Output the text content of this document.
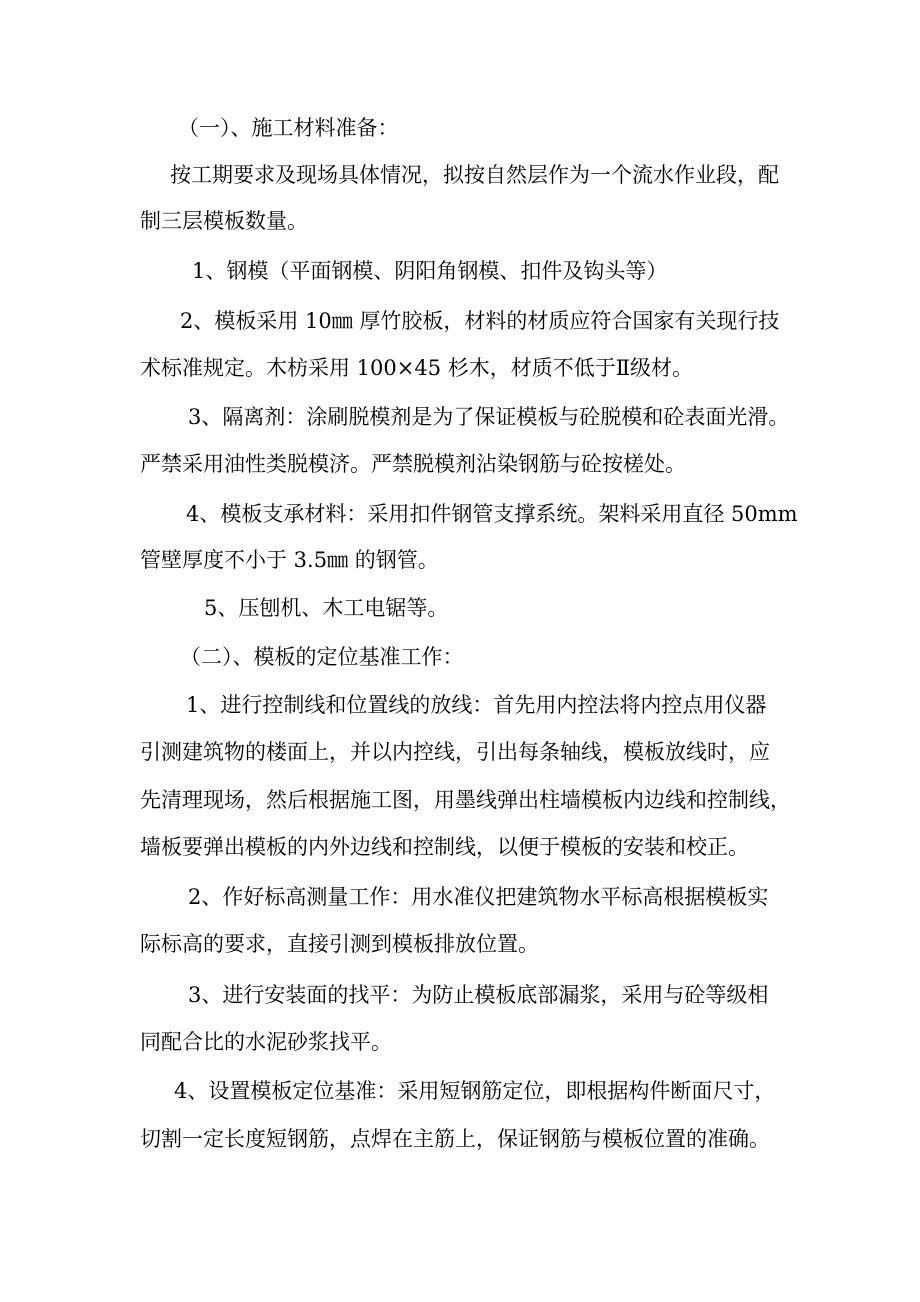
（一）、施工材料准备：

按工期要求及现场具体情况，拟按自然层作为一个流水作业段，配

制三层模板数量。

1、钢模（平面钢模、阴阳角钢模、扣件及钩头等）

2、模板采用 10㎜ 厚竹胶板，材料的材质应符合国家有关现行技

术标准规定。木枋采用 100×45 杉木，材质不低于Ⅱ级材。

3、隔离剂：涂刷脱模剂是为了保证模板与砼脱模和砼表面光滑。

严禁采用油性类脱模济。严禁脱模剂沾染钢筋与砼按槎处。

4、模板支承材料：采用扣件钢管支撑系统。架料采用直径 50mm

管壁厚度不小于 3.5㎜ 的钢管。

5、压刨机、木工电锯等。

（二）、模板的定位基准工作：

1、进行控制线和位置线的放线：首先用内控法将内控点用仪器

引测建筑物的楼面上，并以内控线，引出每条轴线，模板放线时，应

先清理现场，然后根据施工图，用墨线弹出柱墙模板内边线和控制线，

墙板要弹出模板的内外边线和控制线，以便于模板的安装和校正。

2、作好标高测量工作：用水准仪把建筑物水平标高根据模板实

际标高的要求，直接引测到模板排放位置。

3、进行安装面的找平：为防止模板底部漏浆，采用与砼等级相

同配合比的水泥砂浆找平。

4、设置模板定位基准：采用短钢筋定位，即根据构件断面尺寸，

切割一定长度短钢筋，点焊在主筋上，保证钢筋与模板位置的准确。
